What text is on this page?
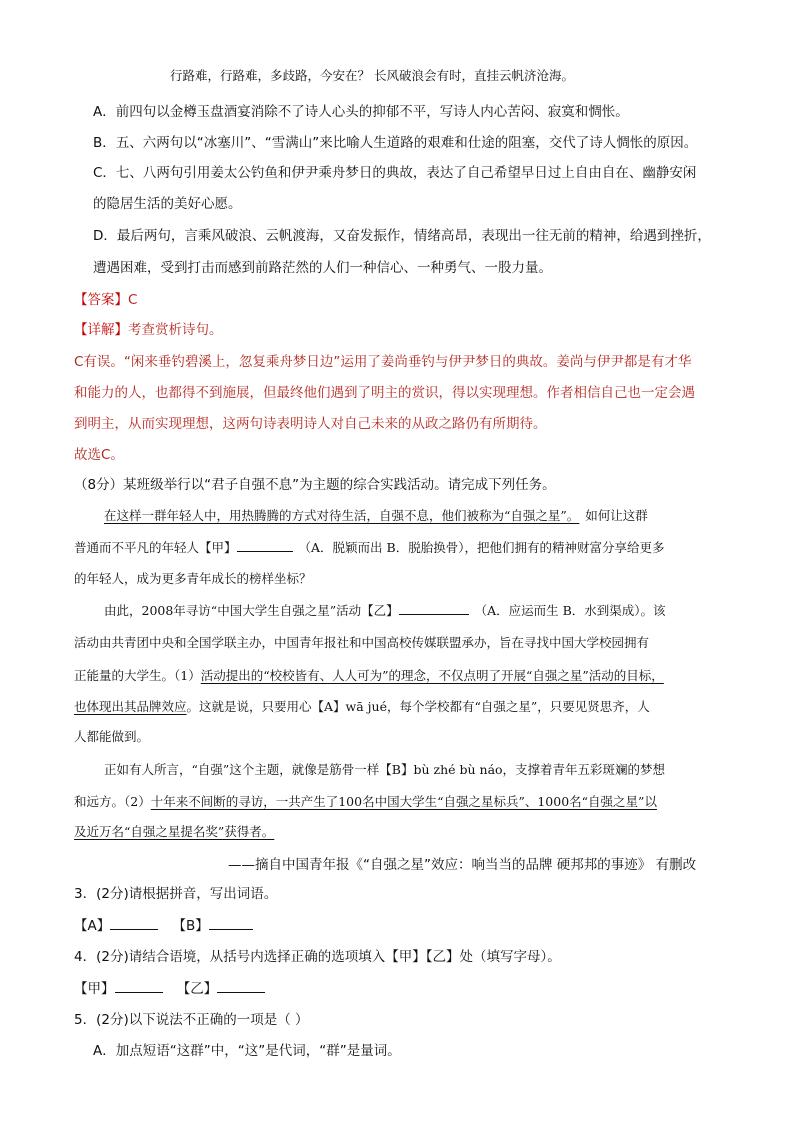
行路难，行路难，多歧路，今安在？ 长风破浪会有时，直挂云帆济沧海。
A．前四句以金樽玉盘酒宴消除不了诗人心头的抑郁不平，写诗人内心苦闷、寂寞和惆怅。
B．五、六两句以“冰塞川”、“雪满山”来比喻人生道路的艰难和仕途的阻塞，交代了诗人惆怅的原因。
C．七、八两句引用姜太公钓鱼和伊尹乘舟梦日的典故，表达了自己希望早日过上自由自在、幽静安闲
的隐居生活的美好心愿。
D．最后两句，言乘风破浪、云帆渡海，又奋发振作，情绪高昂，表现出一往无前的精神，给遇到挫折，
遭遇困难，受到打击而感到前路茫然的人们一种信心、一种勇气、一股力量。
【答案】C
【详解】考查赏析诗句。
C有误。“闲来垂钓碧溪上，忽复乘舟梦日边”运用了姜尚垂钓与伊尹梦日的典故。姜尚与伊尹都是有才华
和能力的人，也都得不到施展，但最终他们遇到了明主的赏识，得以实现理想。作者相信自己也一定会遇
到明主，从而实现理想，这两句诗表明诗人对自己未来的从政之路仍有所期待。
故选C。
（8分）某班级举行以“君子自强不息”为主题的综合实践活动。请完成下列任务。
在这样一群年轻人中，用热腾腾的方式对待生活，自强不息，他们被称为“自强之星”。 如何让这群
普通而不平凡的年轻人【甲】	（A．脱颖而出 B．脱胎换骨），把他们拥有的精神财富分享给更多
的年轻人，成为更多青年成长的榜样坐标？
由此，2008年寻访“中国大学生自强之星”活动【乙】	（A．应运而生 B．水到渠成）。该
活动由共青团中央和全国学联主办，中国青年报社和中国高校传媒联盟承办，旨在寻找中国大学校园拥有
正能量的大学生。（1）活动提出的“校校皆有、人人可为”的理念，不仅点明了开展“自强之星”活动的目标，
也体现出其品牌效应。这就是说，只要用心【A】wā jué，每个学校都有“自强之星”，只要见贤思齐，人
人都能做到。
正如有人所言，“自强”这个主题，就像是筋骨一样【B】bù zhé bù náo，支撑着青年五彩斑斓的梦想
和远方。（2）十年来不间断的寻访，一共产生了100名中国大学生“自强之星标兵”、1000名“自强之星”以
及近万名“自强之星提名奖”获得者。
——摘自中国青年报《“自强之星”效应：响当当的品牌 硬邦邦的事迹》 有删改
3．(2分)请根据拼音，写出词语。
【A】	【B】
4．(2分)请结合语境，从括号内选择正确的选项填入【甲】【乙】处（填写字母）。
【甲】	【乙】
5．(2分)以下说法不正确的一项是（ ）
A．加点短语“这群”中，“这”是代词，“群”是量词。
